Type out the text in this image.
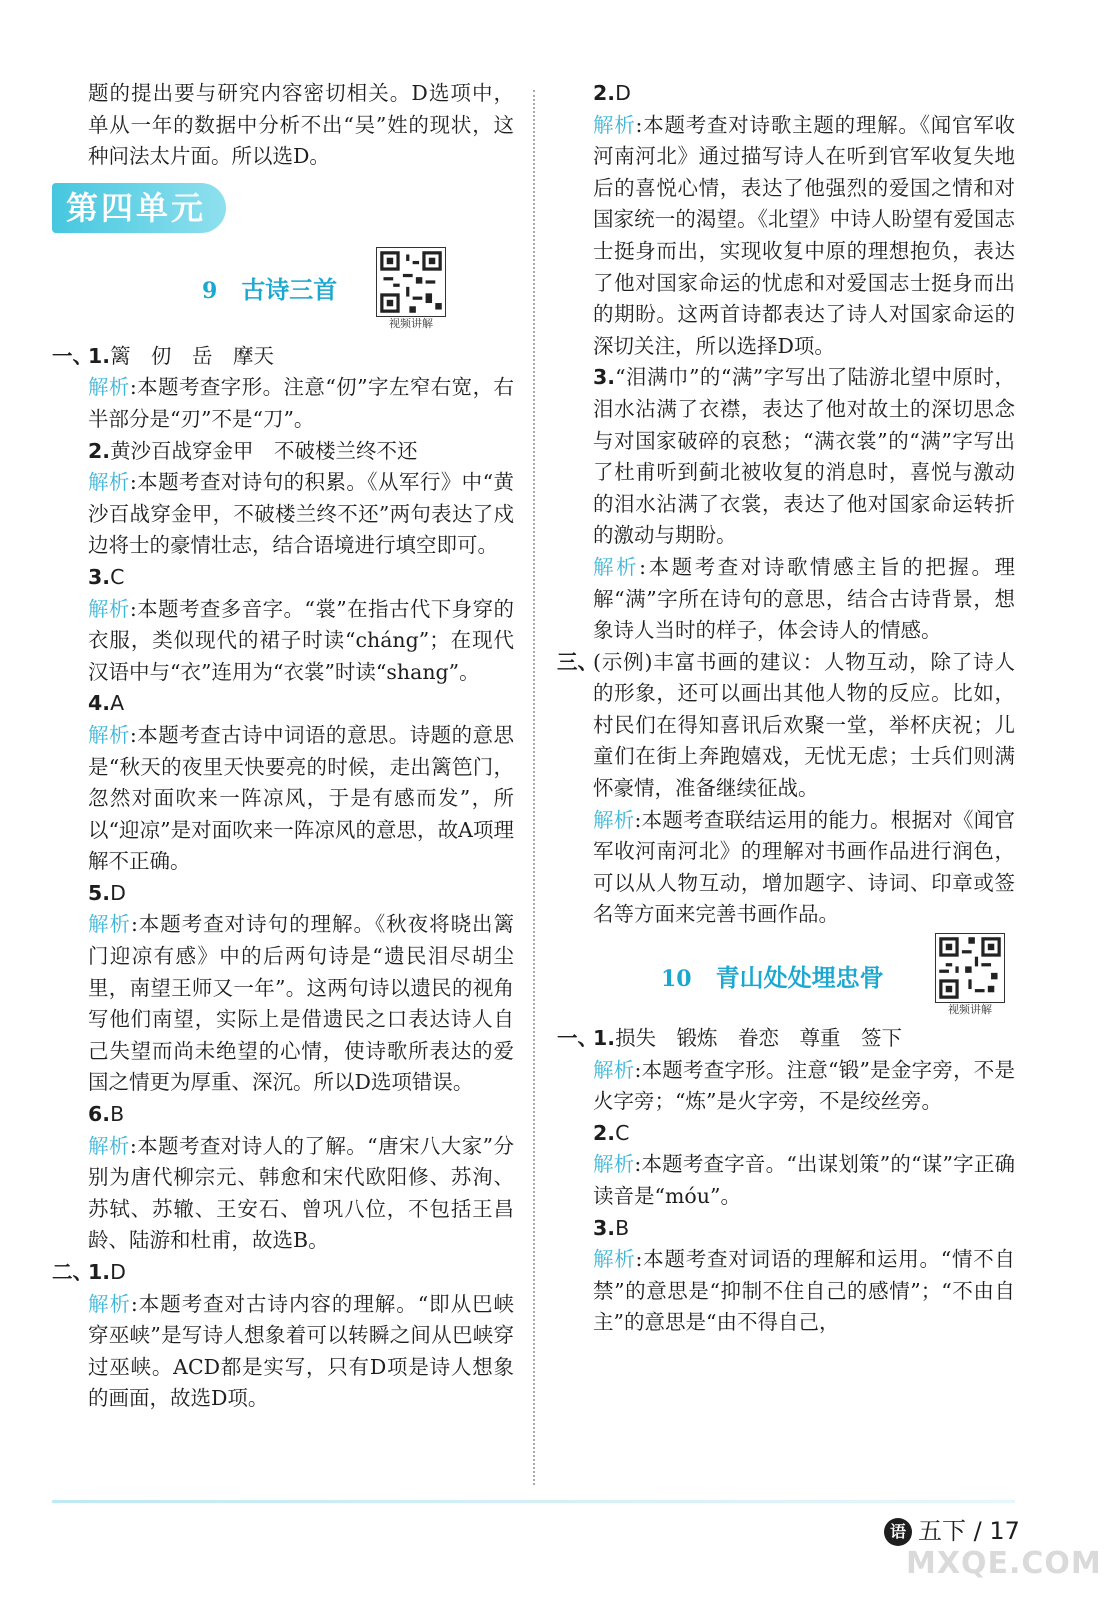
题的提出要与研究内容密切相关。D选项中，单从一年的数据中分析不出“吴”姓的现状，这种问法太片面。所以选D。

第四单元
9 古诗三首
视频讲解
一、

1.篱　仞　岳　摩天

解析:本题考查字形。注意“仞”字左窄右宽，右半部分是“刃”不是“刀”。

2.黄沙百战穿金甲　不破楼兰终不还

解析:本题考查对诗句的积累。《从军行》中“黄沙百战穿金甲，不破楼兰终不还”两句表达了戍边将士的豪情壮志，结合语境进行填空即可。

3.C

解析:本题考查多音字。“裳”在指古代下身穿的衣服，类似现代的裙子时读“cháng”；在现代汉语中与“衣”连用为“衣裳”时读“shang”。

4.A

解析:本题考查古诗中词语的意思。诗题的意思是“秋天的夜里天快要亮的时候，走出篱笆门，忽然对面吹来一阵凉风，于是有感而发”，所以“迎凉”是对面吹来一阵凉风的意思，故A项理解不正确。

5.D

解析:本题考查对诗句的理解。《秋夜将晓出篱门迎凉有感》中的后两句诗是“遗民泪尽胡尘里，南望王师又一年”。这两句诗以遗民的视角写他们南望，实际上是借遗民之口表达诗人自己失望而尚未绝望的心情，使诗歌所表达的爱国之情更为厚重、深沉。所以D选项错误。

6.B

解析:本题考查对诗人的了解。“唐宋八大家”分别为唐代柳宗元、韩愈和宋代欧阳修、苏洵、苏轼、苏辙、王安石、曾巩八位，不包括王昌龄、陆游和杜甫，故选B。

二、

1.D

解析:本题考查对古诗内容的理解。“即从巴峡穿巫峡”是写诗人想象着可以转瞬之间从巴峡穿过巫峡。ACD都是实写，只有D项是诗人想象的画面，故选D项。

2.D

解析:本题考查对诗歌主题的理解。《闻官军收河南河北》通过描写诗人在听到官军收复失地后的喜悦心情，表达了他强烈的爱国之情和对国家统一的渴望。《北望》中诗人盼望有爱国志士挺身而出，实现收复中原的理想抱负，表达了他对国家命运的忧虑和对爱国志士挺身而出的期盼。这两首诗都表达了诗人对国家命运的深切关注，所以选择D项。

3.“泪满巾”的“满”字写出了陆游北望中原时，泪水沾满了衣襟，表达了他对故土的深切思念与对国家破碎的哀愁；“满衣裳”的“满”字写出了杜甫听到蓟北被收复的消息时，喜悦与激动的泪水沾满了衣裳，表达了他对国家命运转折的激动与期盼。

解析:本题考查对诗歌情感主旨的把握。理解“满”字所在诗句的意思，结合古诗背景，想象诗人当时的样子，体会诗人的情感。

三、

(示例)丰富书画的建议：人物互动，除了诗人的形象，还可以画出其他人物的反应。比如，村民们在得知喜讯后欢聚一堂，举杯庆祝；儿童们在街上奔跑嬉戏，无忧无虑；士兵们则满怀豪情，准备继续征战。

解析:本题考查联结运用的能力。根据对《闻官军收河南河北》的理解对书画作品进行润色，可以从人物互动，增加题字、诗词、印章或签名等方面来完善书画作品。

10 青山处处埋忠骨
视频讲解
一、

1.损失　锻炼　眷恋　尊重　签下

解析:本题考查字形。注意“锻”是金字旁，不是火字旁；“炼”是火字旁，不是绞丝旁。

2.C

解析:本题考查字音。“出谋划策”的“谋”字正确读音是“móu”。

3.B

解析:本题考查对词语的理解和运用。“情不自禁”的意思是“抑制不住自己的感情”；“不由自主”的意思是“由不得自己，

语 五下 / 17
MXQE.COM
